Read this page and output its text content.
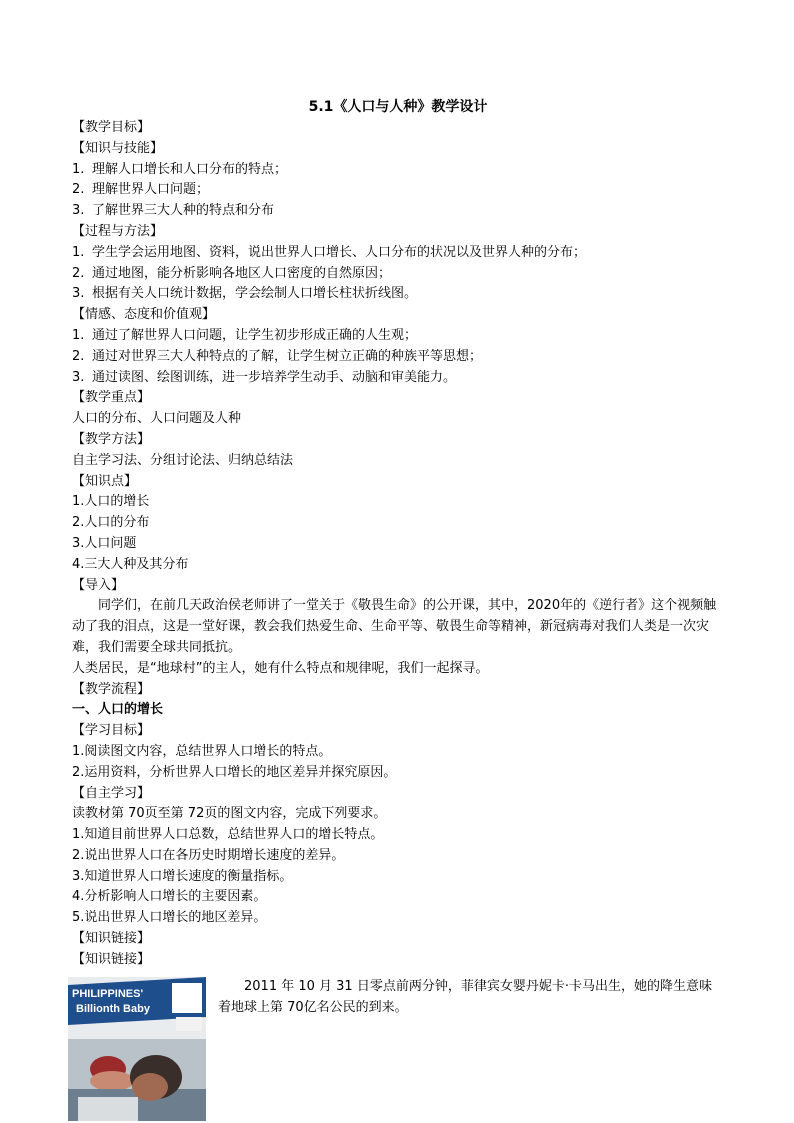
5.1《人口与人种》教学设计
【教学目标】
【知识与技能】
1. 理解人口增长和人口分布的特点；
2. 理解世界人口问题；
3. 了解世界三大人种的特点和分布
【过程与方法】
1. 学生学会运用地图、资料，说出世界人口增长、人口分布的状况以及世界人种的分布；
2. 通过地图，能分析影响各地区人口密度的自然原因；
3. 根据有关人口统计数据，学会绘制人口增长柱状折线图。
【情感、态度和价值观】
1. 通过了解世界人口问题，让学生初步形成正确的人生观；
2. 通过对世界三大人种特点的了解，让学生树立正确的种族平等思想；
3. 通过读图、绘图训练，进一步培养学生动手、动脑和审美能力。
【教学重点】
人口的分布、人口问题及人种
【教学方法】
自主学习法、分组讨论法、归纳总结法
【知识点】
1.人口的增长
2.人口的分布
3.人口问题
4.三大人种及其分布
【导入】
同学们，在前几天政治侯老师讲了一堂关于《敬畏生命》的公开课，其中，2020年的《逆行者》这个视频触动了我的泪点，这是一堂好课，教会我们热爱生命、生命平等、敬畏生命等精神，新冠病毒对我们人类是一次灾难，我们需要全球共同抵抗。
人类居民，是“地球村”的主人，她有什么特点和规律呢，我们一起探寻。
【教学流程】
一、人口的增长
【学习目标】
1.阅读图文内容，总结世界人口增长的特点。
2.运用资料，分析世界人口增长的地区差异并探究原因。
【自主学习】
读教材第 70页至第 72页的图文内容，完成下列要求。
1.知道目前世界人口总数，总结世界人口的增长特点。
2.说出世界人口在各历史时期增长速度的差异。
3.知道世界人口增长速度的衡量指标。
4.分析影响人口增长的主要因素。
5.说出世界人口增长的地区差异。
【知识链接】
【知识链接】
PHILIPPINES'
Billionth Baby
2011 年 10 月 31 日零点前两分钟，菲律宾女婴丹妮卡·卡马出生，她的降生意味着地球上第 70亿名公民的到来。
